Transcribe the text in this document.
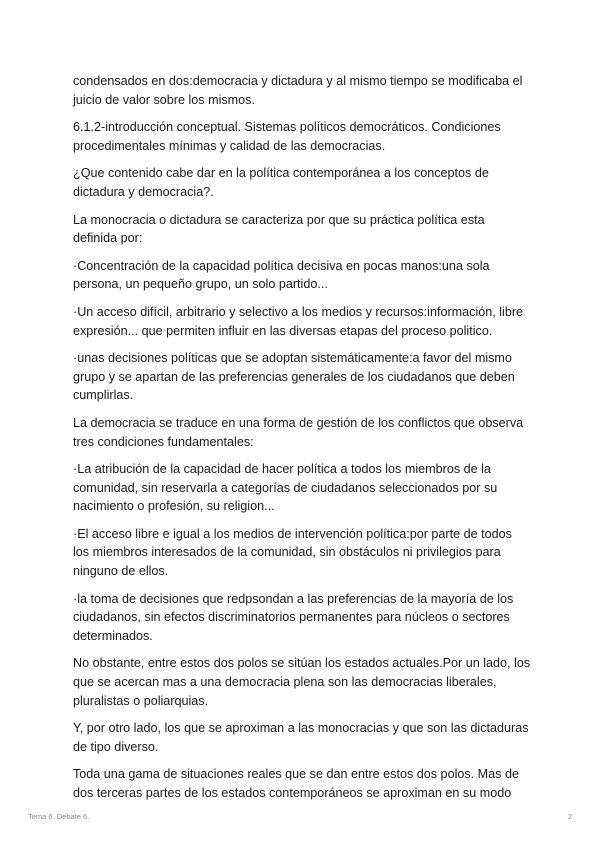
condensados en dos:democracia y dictadura y al mismo tiempo se modificaba el juicio de valor sobre los mismos.

6.1.2-introducción conceptual. Sistemas políticos democráticos. Condiciones procedimentales mínimas y calidad de las democracias.

¿Que contenido cabe dar en la política contemporánea a los conceptos de dictadura y democracia?.

La monocracia o dictadura se caracteriza por que su práctica política esta definida por:

·Concentración de la capacidad política decisiva en pocas manos:una sola persona, un pequeño grupo, un solo partido...

·Un acceso difícil, arbitrario y selectivo a los medios y recursos:información, libre expresión... que permiten influir en las diversas etapas del proceso politico.

·unas decisiones políticas que se adoptan sistemáticamente:a favor del mismo grupo y se apartan de las preferencias generales de los ciudadanos que deben cumplirlas.

La democracia se traduce en una forma de gestión de los conflictos que observa tres condiciones fundamentales:

·La atribución de la capacidad de hacer política a todos los miembros de la comunidad, sin reservarla a categorías de ciudadanos seleccionados por su nacimiento o profesión, su religion...

·El acceso libre e igual a los medios de intervención política:por parte de todos los miembros interesados de la comunidad, sin obstáculos ni privilegios para ninguno de ellos.

·la toma de decisiones que redpsondan a las preferencias de la mayoría de los ciudadanos, sin efectos discriminatorios permanentes para núcleos o sectores determinados.

No obstante, entre estos dos polos se sitúan los estados actuales.Por un lado, los que se acercan mas a una democracia plena son las democracias liberales, pluralistas o poliarquias.

Y, por otro lado, los que se aproximan a las monocracias y que son las dictaduras de tipo diverso.

Toda una gama de situaciones reales que se dan entre estos dos polos. Mas de dos terceras partes de los estados contemporáneos se aproximan en su modo

Tema 6. Debate 6.	2
